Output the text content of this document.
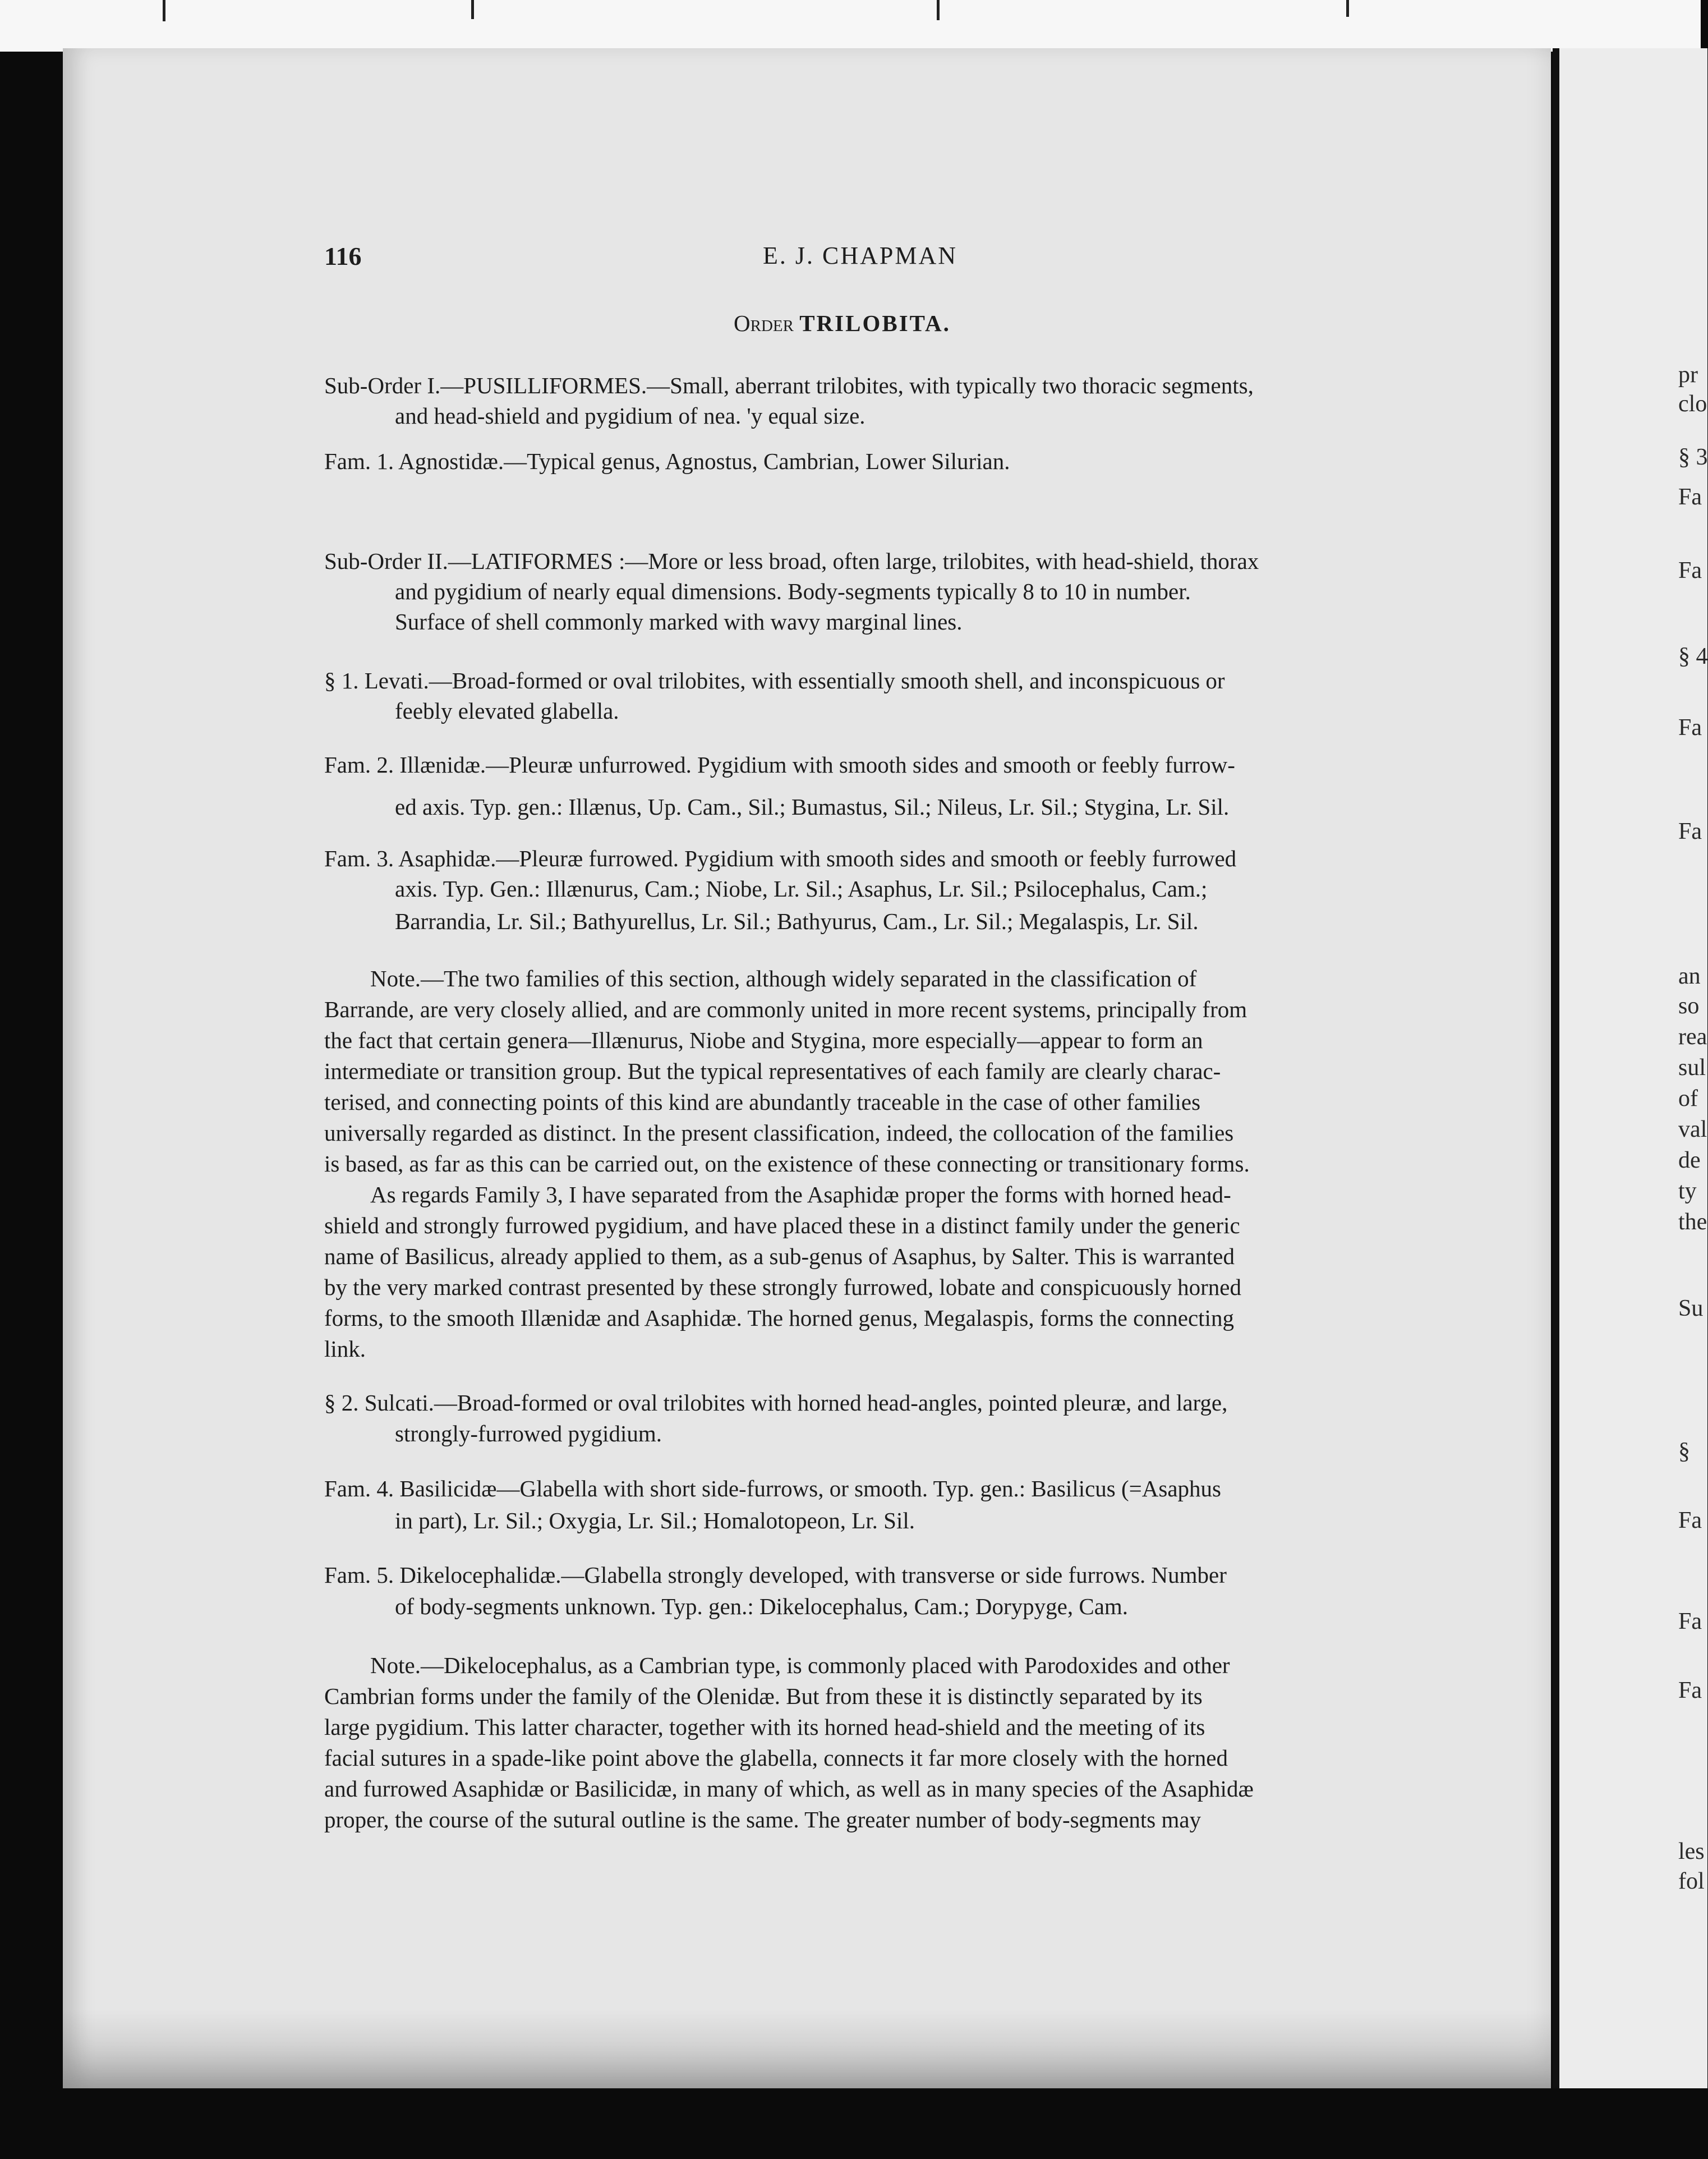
116	E. J. CHAPMAN
Order TRILOBITA.
Sub-Order I.—PUSILLIFORMES.—Small, aberrant trilobites, with typically two thoracic segments,
and head-shield and pygidium of nea. 'y equal size.
Fam. 1. Agnostidæ.—Typical genus, Agnostus, Cambrian, Lower Silurian.
Sub-Order II.—LATIFORMES :—More or less broad, often large, trilobites, with head-shield, thorax
and pygidium of nearly equal dimensions. Body-segments typically 8 to 10 in number.
Surface of shell commonly marked with wavy marginal lines.
§ 1. Levati.—Broad-formed or oval trilobites, with essentially smooth shell, and inconspicuous or
feebly elevated glabella.
Fam. 2. Illænidæ.—Pleuræ unfurrowed. Pygidium with smooth sides and smooth or feebly furrow-
ed axis. Typ. gen.: Illænus, Up. Cam., Sil.; Bumastus, Sil.; Nileus, Lr. Sil.; Stygina, Lr. Sil.
Fam. 3. Asaphidæ.—Pleuræ furrowed. Pygidium with smooth sides and smooth or feebly furrowed
axis. Typ. Gen.: Illænurus, Cam.; Niobe, Lr. Sil.; Asaphus, Lr. Sil.; Psilocephalus, Cam.;
Barrandia, Lr. Sil.; Bathyurellus, Lr. Sil.; Bathyurus, Cam., Lr. Sil.; Megalaspis, Lr. Sil.
Note.—The two families of this section, although widely separated in the classification of
Barrande, are very closely allied, and are commonly united in more recent systems, principally from
the fact that certain genera—Illænurus, Niobe and Stygina, more especially—appear to form an
intermediate or transition group. But the typical representatives of each family are clearly charac-
terised, and connecting points of this kind are abundantly traceable in the case of other families
universally regarded as distinct. In the present classification, indeed, the collocation of the families
is based, as far as this can be carried out, on the existence of these connecting or transitionary forms.
As regards Family 3, I have separated from the Asaphidæ proper the forms with horned head-
shield and strongly furrowed pygidium, and have placed these in a distinct family under the generic
name of Basilicus, already applied to them, as a sub-genus of Asaphus, by Salter. This is warranted
by the very marked contrast presented by these strongly furrowed, lobate and conspicuously horned
forms, to the smooth Illænidæ and Asaphidæ. The horned genus, Megalaspis, forms the connecting
link.
§ 2. Sulcati.—Broad-formed or oval trilobites with horned head-angles, pointed pleuræ, and large,
strongly-furrowed pygidium.
Fam. 4. Basilicidæ—Glabella with short side-furrows, or smooth. Typ. gen.: Basilicus (=Asaphus
in part), Lr. Sil.; Oxygia, Lr. Sil.; Homalotopeon, Lr. Sil.
Fam. 5. Dikelocephalidæ.—Glabella strongly developed, with transverse or side furrows. Number
of body-segments unknown. Typ. gen.: Dikelocephalus, Cam.; Dorypyge, Cam.
Note.—Dikelocephalus, as a Cambrian type, is commonly placed with Parodoxides and other
Cambrian forms under the family of the Olenidæ. But from these it is distinctly separated by its
large pygidium. This latter character, together with its horned head-shield and the meeting of its
facial sutures in a spade-like point above the glabella, connects it far more closely with the horned
and furrowed Asaphidæ or Basilicidæ, in many of which, as well as in many species of the Asaphidæ
proper, the course of the sutural outline is the same. The greater number of body-segments may
pr
clo
§ 3
Fa
Fa
§ 4
Fa
Fa
an
so
rea
sul
of
val
de
ty
the
Su
§
Fa
Fa
Fa
les
fol
